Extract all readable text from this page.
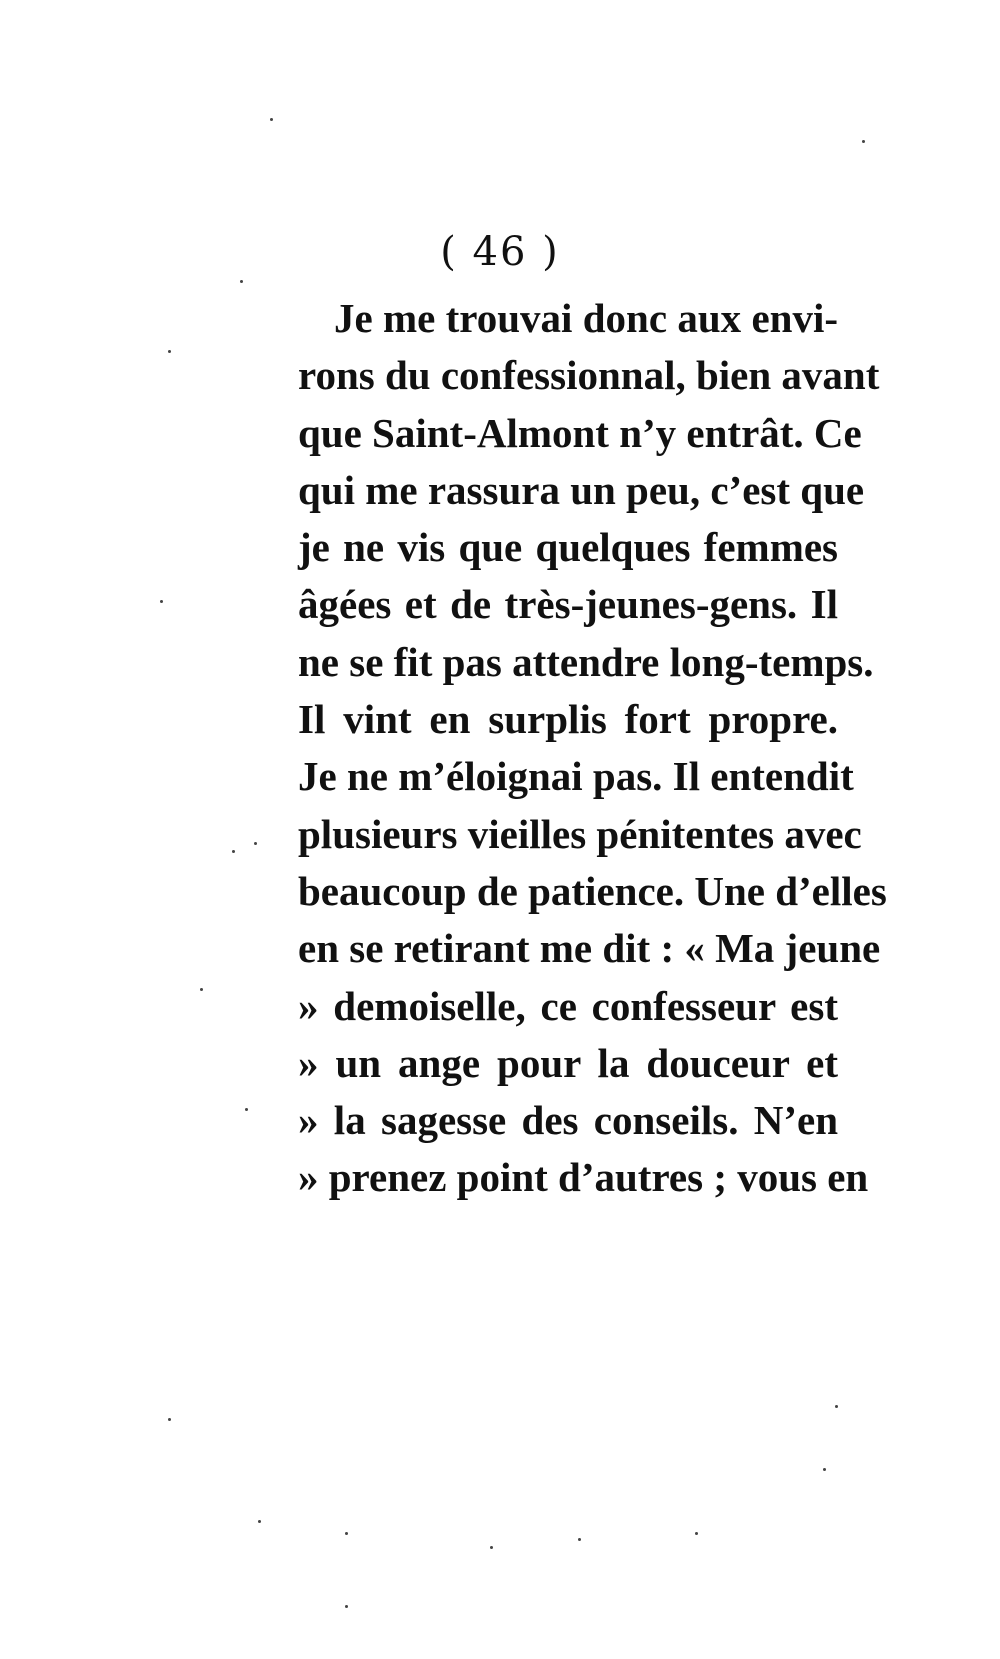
( 46 )
Je me trouvai donc aux envi-
rons du confessionnal, bien avant
que Saint-Almont n’y entrât. Ce
qui me rassura un peu, c’est que
je ne vis que quelques femmes
âgées et de très-jeunes-gens. Il
ne se fit pas attendre long-temps.
Il vint en surplis fort propre.
Je ne m’éloignai pas. Il entendit
plusieurs vieilles pénitentes avec
beaucoup de patience. Une d’elles
en se retirant me dit : « Ma jeune
» demoiselle, ce confesseur est
» un ange pour la douceur et
» la sagesse des conseils. N’en
» prenez point d’autres ; vous en
